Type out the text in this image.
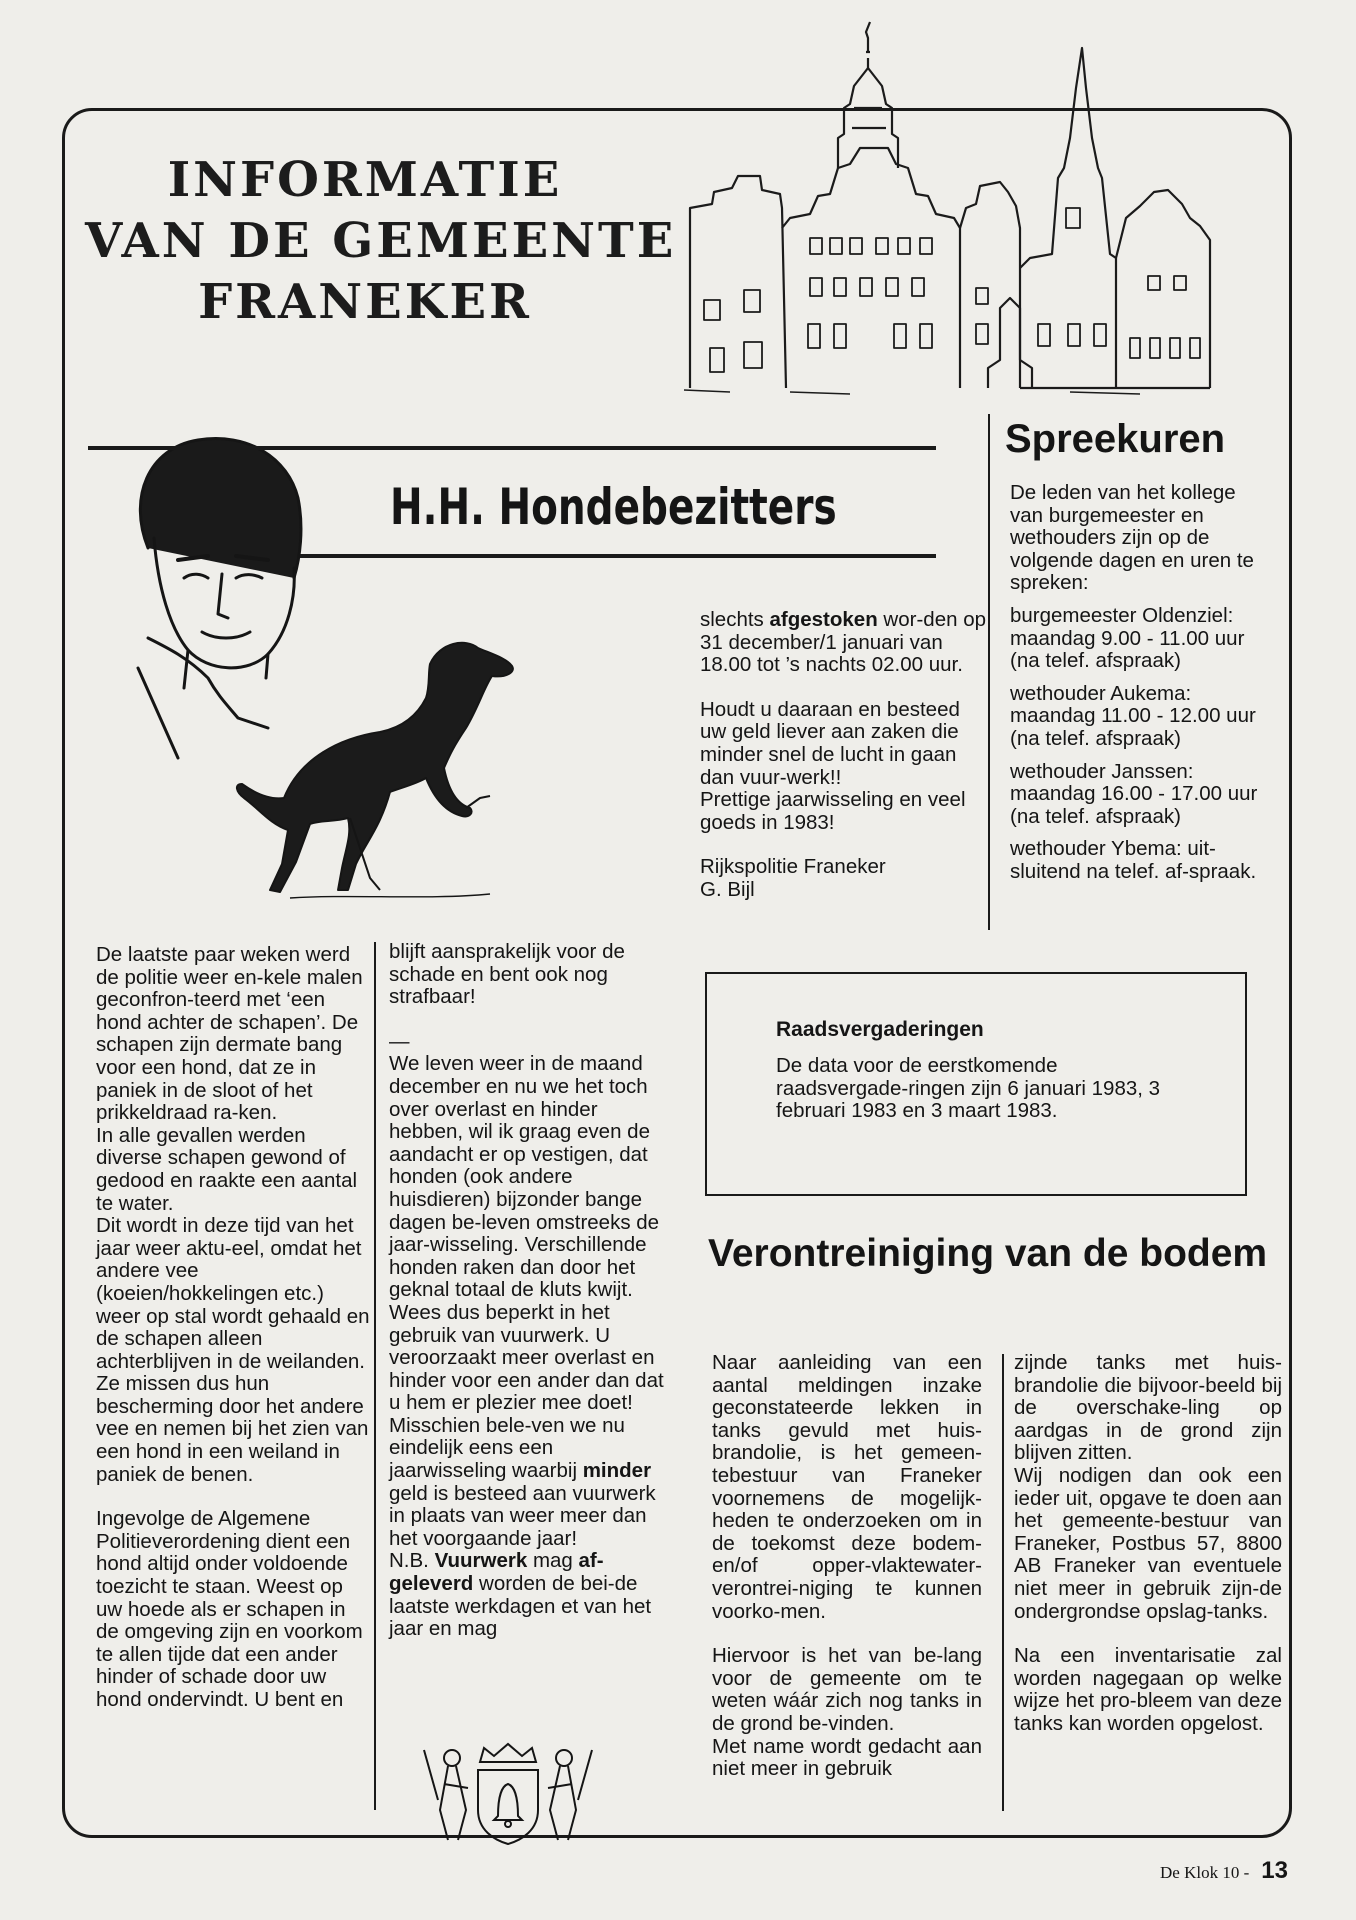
INFORMATIE
VAN DE GEMEENTE
FRANEKER
H.H. Hondebezitters

De laatste paar weken werd de politie weer en-kele malen geconfron-teerd met ‘een hond achter de schapen’. De schapen zijn dermate bang voor een hond, dat ze in paniek in de sloot of het prikkeldraad ra-ken.

In alle gevallen werden diverse schapen gewond of gedood en raakte een aantal te water.

Dit wordt in deze tijd van het jaar weer aktu-eel, omdat het andere vee (koeien/hokkelingen etc.) weer op stal wordt gehaald en de schapen alleen achterblijven in de weilanden. Ze missen dus hun bescherming door het andere vee en nemen bij het zien van een hond in een weiland in paniek de benen.

Ingevolge de Algemene Politieverordening dient een hond altijd onder voldoende toezicht te staan. Weest op uw hoede als er schapen in de omgeving zijn en voorkom te allen tijde dat een ander hinder of schade door uw hond ondervindt. U bent en

blijft aansprakelijk voor de schade en bent ook nog strafbaar!

—

We leven weer in de maand december en nu we het toch over overlast en hinder hebben, wil ik graag even de aandacht er op vestigen, dat honden (ook andere huisdieren) bijzonder bange dagen be-leven omstreeks de jaar-wisseling. Verschillende honden raken dan door het geknal totaal de kluts kwijt.

Wees dus beperkt in het gebruik van vuurwerk. U veroorzaakt meer overlast en hinder voor een ander dan dat u hem er plezier mee doet! Misschien bele-ven we nu eindelijk eens een jaarwisseling waarbij minder geld is besteed aan vuurwerk in plaats van weer meer dan het voorgaande jaar!

N.B. Vuurwerk mag af-geleverd worden de bei-de laatste werkdagen et van het jaar en mag

slechts afgestoken wor-den op 31 december/1 januari van 18.00 tot ’s nachts 02.00 uur.

Houdt u daaraan en besteed uw geld liever aan zaken die minder snel de lucht in gaan dan vuur-werk!!

Prettige jaarwisseling en veel goeds in 1983!

Rijkspolitie Franeker

G. Bijl

Spreekuren

De leden van het kollege van burgemeester en wethouders zijn op de volgende dagen en uren te spreken:

burgemeester Oldenziel:

maandag 9.00 - 11.00 uur

(na telef. afspraak)

wethouder Aukema:

maandag 11.00 - 12.00 uur

(na telef. afspraak)

wethouder Janssen:

maandag 16.00 - 17.00 uur

(na telef. afspraak)

wethouder Ybema: uit-sluitend na telef. af-spraak.

Raadsvergaderingen
De data voor de eerstkomende raadsvergade-ringen zijn 6 januari 1983, 3 februari 1983 en 3 maart 1983.
Verontreiniging van de bodem

Naar aanleiding van een aantal meldingen inzake geconstateerde lekken in tanks gevuld met huis-brandolie, is het gemeen-tebestuur van Franeker voornemens de mogelijk-heden te onderzoeken om in de toekomst deze bodem- en/of opper-vlaktewater-verontrei-niging te kunnen voorko-men.

Hiervoor is het van be-lang voor de gemeente om te weten wáár zich nog tanks in de grond be-vinden.

Met name wordt gedacht aan niet meer in gebruik

zijnde tanks met huis-brandolie die bijvoor-beeld bij de overschake-ling op aardgas in de grond zijn blijven zitten.

Wij nodigen dan ook een ieder uit, opgave te doen aan het gemeente-bestuur van Franeker, Postbus 57, 8800 AB Franeker van eventuele niet meer in gebruik zijn-de ondergrondse opslag-tanks.

Na een inventarisatie zal worden nagegaan op welke wijze het pro-bleem van deze tanks kan worden opgelost.

De Klok 10 - 13
